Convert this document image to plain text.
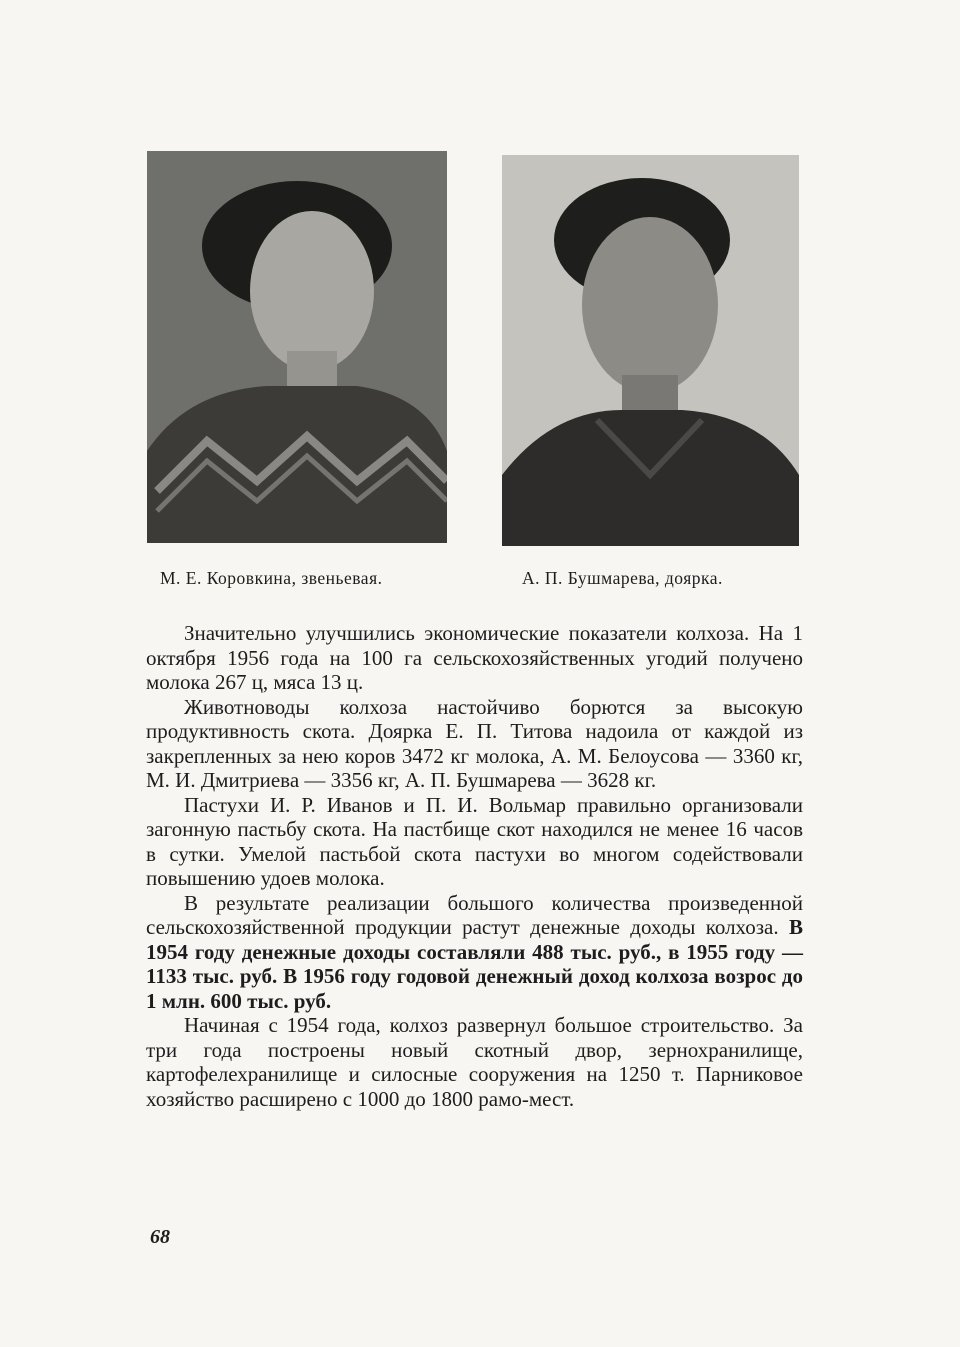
М. Е. Коровкина, звеньевая.	А. П. Бушмарева, доярка.

Значительно улучшились экономические показатели колхоза. На 1 октября 1956 года на 100 га сельскохозяйственных угодий получено молока 267 ц, мяса 13 ц.

Животноводы колхоза настойчиво борются за высокую продуктивность скота. Доярка Е. П. Титова надоила от каждой из закрепленных за нею коров 3472 кг молока, А. М. Белоусова — 3360 кг, М. И. Дмитриева — 3356 кг, А. П. Бушмарева — 3628 кг.

Пастухи И. Р. Иванов и П. И. Вольмар правильно организовали загонную пастьбу скота. На пастбище скот находился не менее 16 часов в сутки. Умелой пастьбой скота пастухи во многом содействовали повышению удоев молока.

В результате реализации большого количества произведенной сельскохозяйственной продукции растут денежные доходы колхоза. В 1954 году денежные доходы составляли 488 тыс. руб., в 1955 году — 1133 тыс. руб. В 1956 году годовой денежный доход колхоза возрос до 1 млн. 600 тыс. руб.

Начиная с 1954 года, колхоз развернул большое строительство. За три года построены новый скотный двор, зернохранилище, картофелехранилище и силосные сооружения на 1250 т. Парниковое хозяйство расширено с 1000 до 1800 рамо-мест.

68
